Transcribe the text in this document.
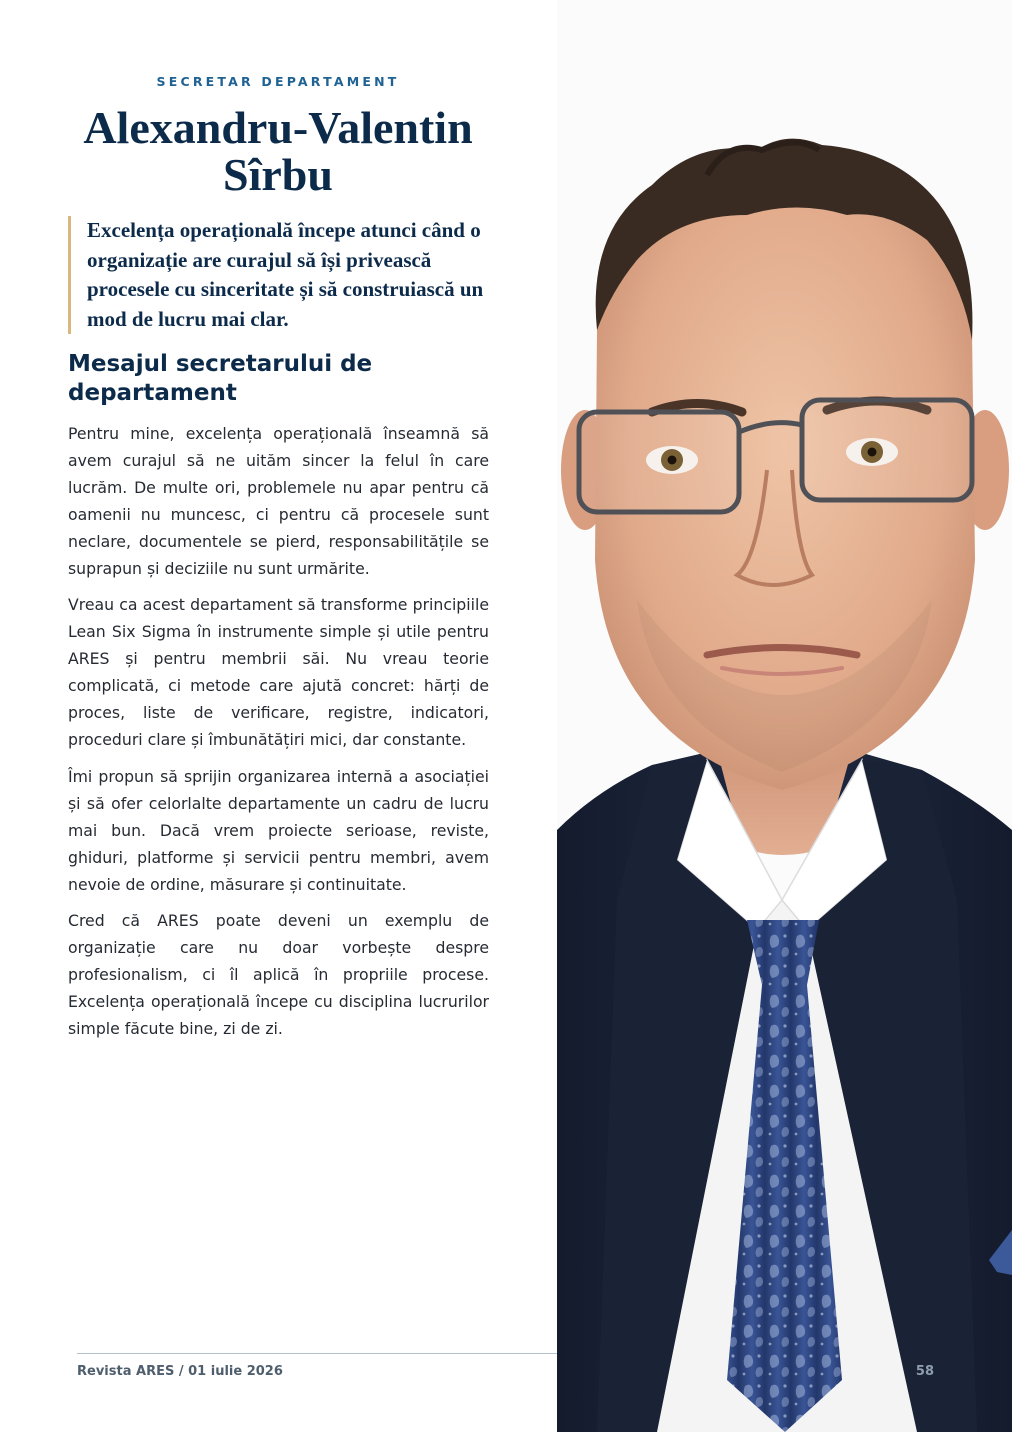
SECRETAR DEPARTAMENT
Alexandru-Valentin
Sîrbu
Excelența operațională începe atunci când o organizație are curajul să își privească procesele cu sinceritate și să construiască un mod de lucru mai clar.
Mesajul secretarului de departament

Pentru mine, excelența operațională înseamnă să avem curajul să ne uităm sincer la felul în care lucrăm. De multe ori, problemele nu apar pentru că oamenii nu muncesc, ci pentru că procesele sunt neclare, documentele se pierd, responsabilitățile se suprapun și deciziile nu sunt urmărite.

Vreau ca acest departament să transforme principiile Lean Six Sigma în instrumente simple și utile pentru ARES și pentru membrii săi. Nu vreau teorie complicată, ci metode care ajută concret: hărți de proces, liste de verificare, registre, indicatori, proceduri clare și îmbunătățiri mici, dar constante.

Îmi propun să sprijin organizarea internă a asociației și să ofer celorlalte departamente un cadru de lucru mai bun. Dacă vrem proiecte serioase, reviste, ghiduri, platforme și servicii pentru membri, avem nevoie de ordine, măsurare și continuitate.

Cred că ARES poate deveni un exemplu de organizație care nu doar vorbește despre profesionalism, ci îl aplică în propriile procese. Excelența operațională începe cu disciplina lucrurilor simple făcute bine, zi de zi.

Revista ARES / 01 iulie 2026	58
